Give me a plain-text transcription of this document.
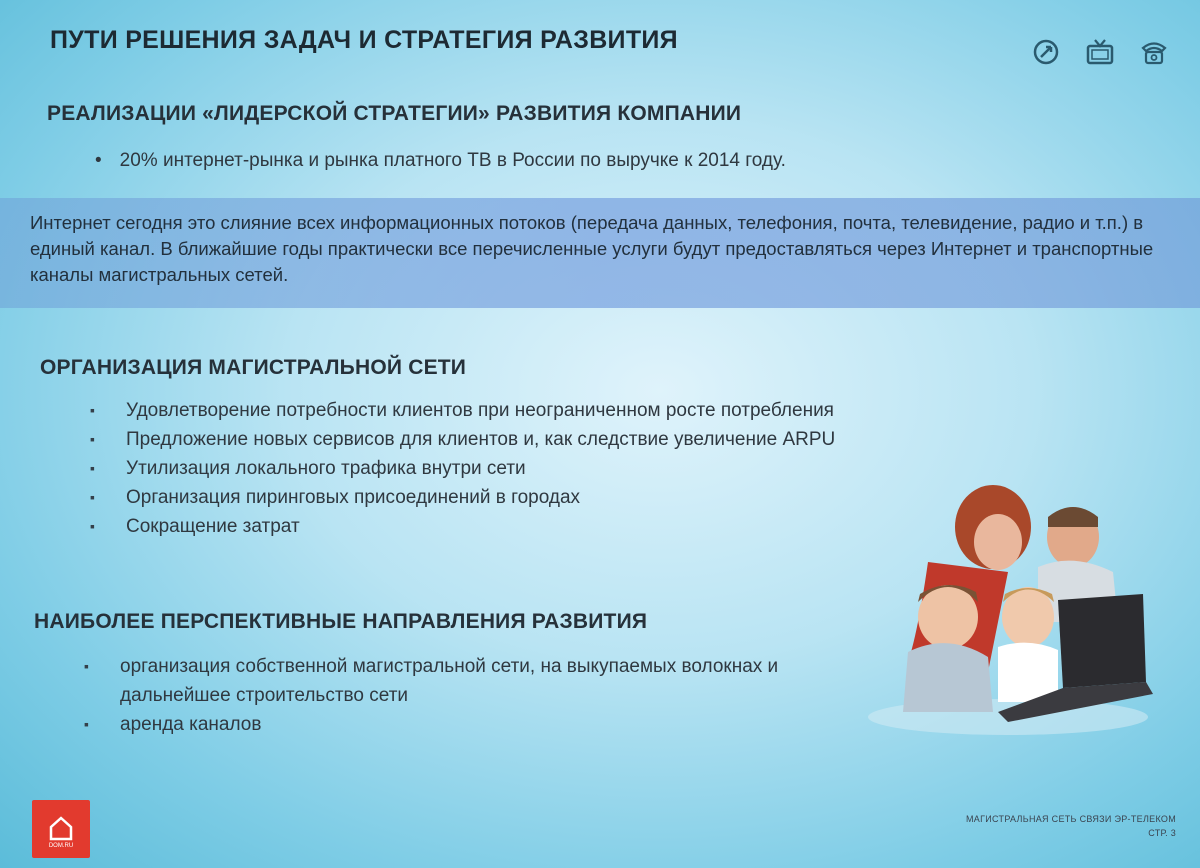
ПУТИ РЕШЕНИЯ ЗАДАЧ И СТРАТЕГИЯ РАЗВИТИЯ
РЕАЛИЗАЦИИ «ЛИДЕРСКОЙ СТРАТЕГИИ» РАЗВИТИЯ КОМПАНИИ
• 20% интернет-рынка и рынка платного ТВ в России по выручке к 2014 году.
Интернет сегодня это слияние всех информационных потоков (передача данных, телефония, почта, телевидение, радио и т.п.) в единый канал. В ближайшие годы практически все перечисленные услуги будут предоставляться через Интернет и транспортные каналы магистральных сетей.
ОРГАНИЗАЦИЯ МАГИСТРАЛЬНОЙ СЕТИ
▪ Удовлетворение потребности клиентов при неограниченном росте потребления
▪ Предложение новых сервисов для клиентов и, как следствие увеличение ARPU
▪ Утилизация локального трафика внутри сети
▪ Организация пиринговых присоединений в городах
▪ Сокращение затрат
НАИБОЛЕЕ ПЕРСПЕКТИВНЫЕ НАПРАВЛЕНИЯ РАЗВИТИЯ
▪ организация собственной магистральной сети, на выкупаемых волокнах и дальнейшее строительство сети
▪ аренда каналов
DOM.RU
МАГИСТРАЛЬНАЯ СЕТЬ СВЯЗИ ЭР-ТЕЛЕКОМ
СТР. 3
